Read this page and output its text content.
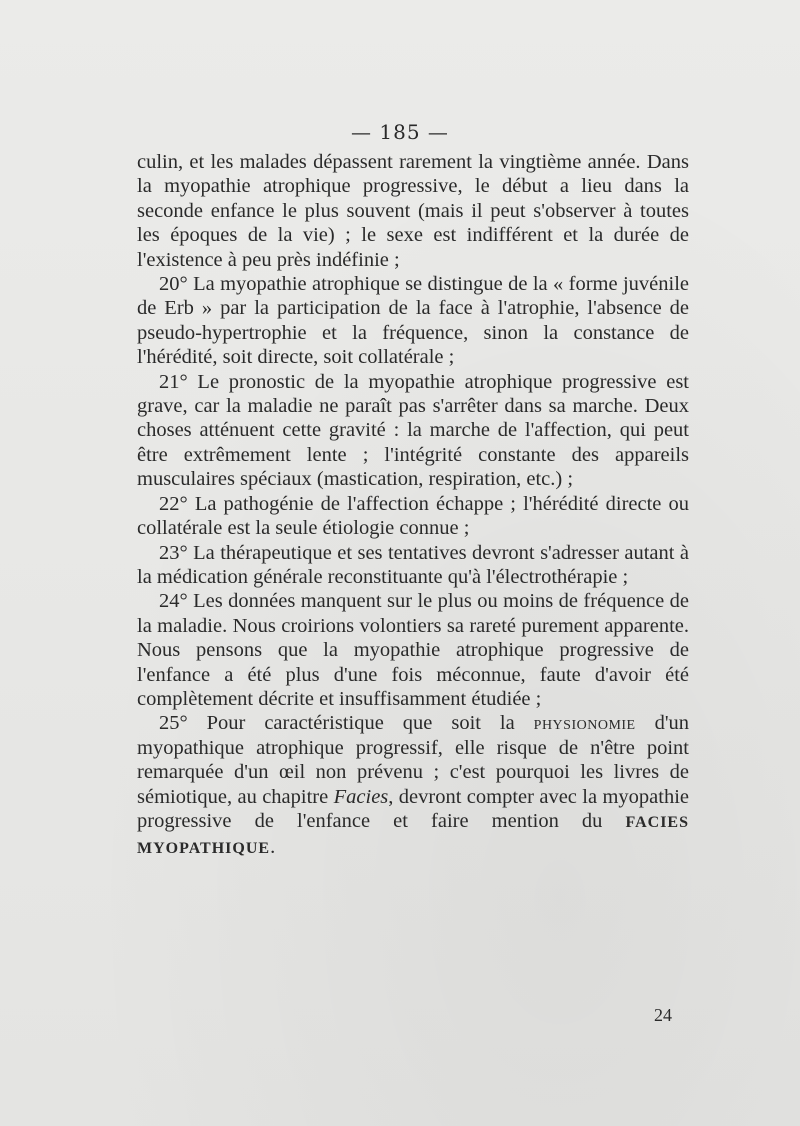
— 185 —

culin, et les malades dépassent rarement la vingtième année. Dans la myopathie atrophique progressive, le début a lieu dans la seconde enfance le plus souvent (mais il peut s'observer à toutes les époques de la vie) ; le sexe est indifférent et la durée de l'existence à peu près indéfinie ;

20° La myopathie atrophique se distingue de la « forme juvénile de Erb » par la participation de la face à l'atrophie, l'absence de pseudo-hypertrophie et la fréquence, sinon la constance de l'hérédité, soit directe, soit collatérale ;

21° Le pronostic de la myopathie atrophique progressive est grave, car la maladie ne paraît pas s'arrêter dans sa marche. Deux choses atténuent cette gravité : la marche de l'affection, qui peut être extrêmement lente ; l'intégrité constante des appareils musculaires spéciaux (mastication, respiration, etc.) ;

22° La pathogénie de l'affection échappe ; l'hérédité directe ou collatérale est la seule étiologie connue ;

23° La thérapeutique et ses tentatives devront s'adresser autant à la médication générale reconstituante qu'à l'électrothérapie ;

24° Les données manquent sur le plus ou moins de fréquence de la maladie. Nous croirions volontiers sa rareté purement apparente. Nous pensons que la myopathie atrophique progressive de l'enfance a été plus d'une fois méconnue, faute d'avoir été complètement décrite et insuffisamment étudiée ;

25° Pour caractéristique que soit la physionomie d'un myopathique atrophique progressif, elle risque de n'être point remarquée d'un œil non prévenu ; c'est pourquoi les livres de sémiotique, au chapitre Facies, devront compter avec la myopathie progressive de l'enfance et faire mention du FACIES MYOPATHIQUE.

24
